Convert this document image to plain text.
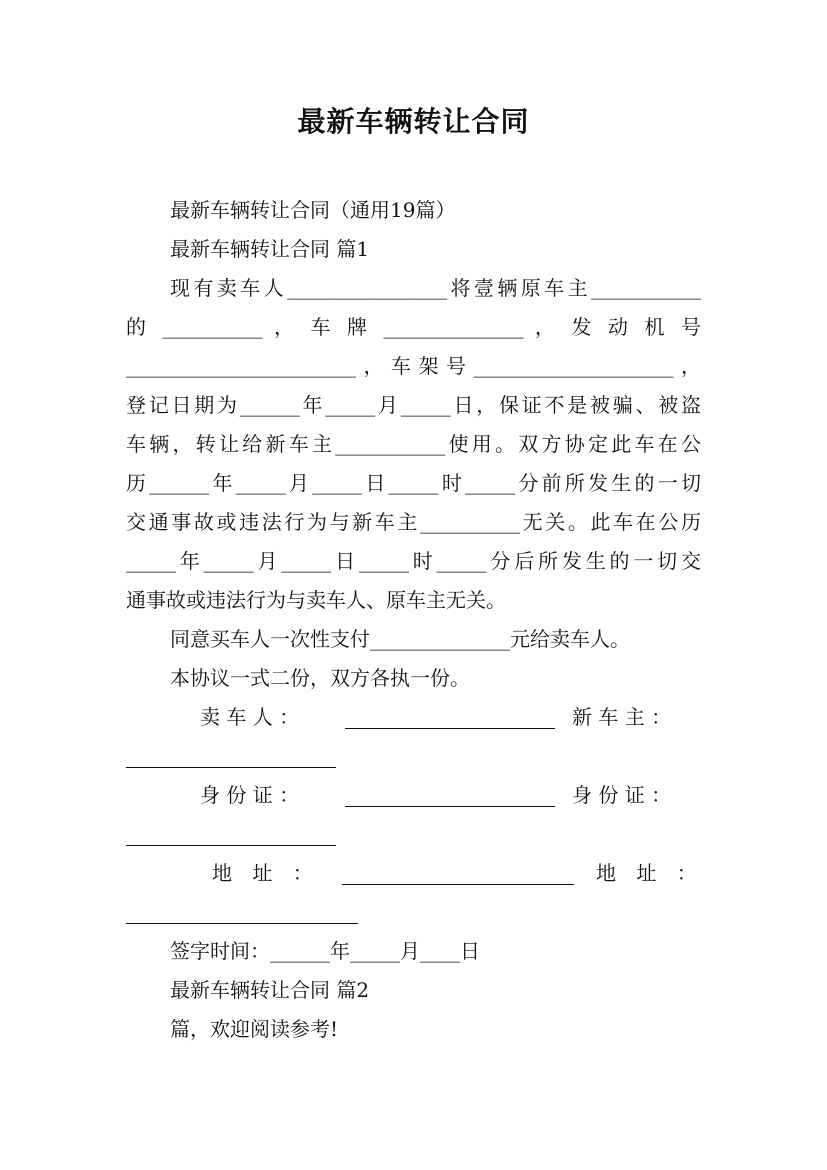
最新车辆转让合同
最新车辆转让合同（通用19篇）
最新车辆转让合同 篇1
现有卖车人________________将壹辆原车主___________
的 __________ ， 车 牌 ______________ ， 发 动 机 号
_______________________，车架号____________________，
登记日期为______年_____月_____日，保证不是被骗、被盗
车辆，转让给新车主___________使用。双方协定此车在公
历______年_____月_____日_____时_____分前所发生的一切
交通事故或违法行为与新车主__________无关。此车在公历
_____年_____月_____日_____时_____分后所发生的一切交
通事故或违法行为与卖车人、原车主无关。
同意买车人一次性支付______________元给卖车人。
本协议一式二份，双方各执一份。
卖 车 人 ：	新 车 主 ：
身 份 证 ：	身 份 证 ：
地 址 ：	地 址 ：
签字时间：______年_____月____日
最新车辆转让合同 篇2
篇，欢迎阅读参考!
